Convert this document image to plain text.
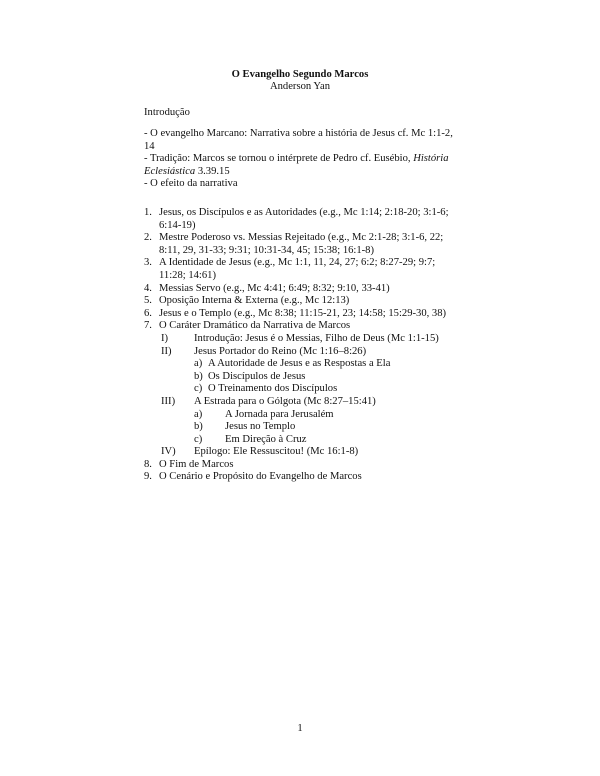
O Evangelho Segundo Marcos
Anderson Yan
Introdução

- O evangelho Marcano: Narrativa sobre a história de Jesus cf. Mc 1:1-2, 14

- Tradição: Marcos se tornou o intérprete de Pedro cf. Eusébio, História Eclesiástica 3.39.15

- O efeito da narrativa

1. Jesus, os Discípulos e as Autoridades (e.g., Mc 1:14; 2:18-20; 3:1-6; 6:14-19)
2. Mestre Poderoso vs. Messias Rejeitado (e.g., Mc 2:1-28; 3:1-6, 22; 8:11, 29, 31-33; 9:31; 10:31-34, 45; 15:38; 16:1-8)
3. A Identidade de Jesus (e.g., Mc 1:1, 11, 24, 27; 6:2; 8:27-29; 9:7; 11:28; 14:61)
4. Messias Servo (e.g., Mc 4:41; 6:49; 8:32; 9:10, 33-41)
5. Oposição Interna & Externa (e.g., Mc 12:13)
6. Jesus e o Templo (e.g., Mc 8:38; 11:15-21, 23; 14:58; 15:29-30, 38)
7. O Caráter Dramático da Narrativa de Marcos
I) Introdução: Jesus é o Messias, Filho de Deus (Mc 1:1-15)
II) Jesus Portador do Reino (Mc 1:16–8:26)
a) A Autoridade de Jesus e as Respostas a Ela
b) Os Discípulos de Jesus
c) O Treinamento dos Discípulos
III) A Estrada para o Gólgota (Mc 8:27–15:41)
a) A Jornada para Jerusalém
b) Jesus no Templo
c) Em Direção à Cruz
IV) Epílogo: Ele Ressuscitou! (Mc 16:1-8)
8. O Fim de Marcos
9. O Cenário e Propósito do Evangelho de Marcos
1
